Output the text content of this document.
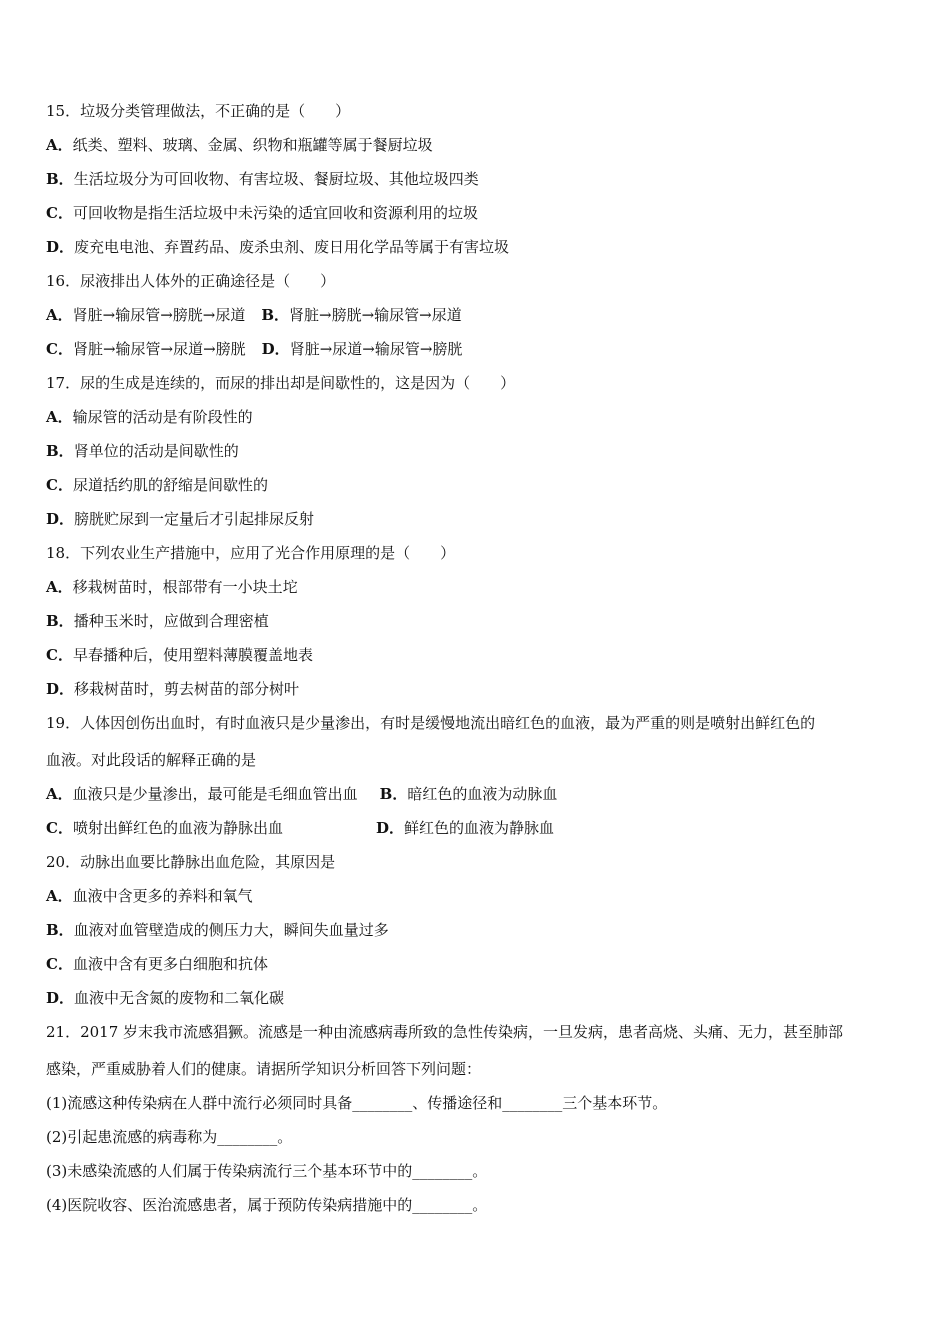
15．垃圾分类管理做法，不正确的是（　　）
A．纸类、塑料、玻璃、金属、织物和瓶罐等属于餐厨垃圾
B．生活垃圾分为可回收物、有害垃圾、餐厨垃圾、其他垃圾四类
C．可回收物是指生活垃圾中未污染的适宜回收和资源利用的垃圾
D．废充电电池、弃置药品、废杀虫剂、废日用化学品等属于有害垃圾
16．尿液排出人体外的正确途径是（　　）
A．肾脏→输尿管→膀胱→尿道 B．肾脏→膀胱→输尿管→尿道
C．肾脏→输尿管→尿道→膀胱 D．肾脏→尿道→输尿管→膀胱
17．尿的生成是连续的，而尿的排出却是间歇性的，这是因为（　　）
A．输尿管的活动是有阶段性的
B．肾单位的活动是间歇性的
C．尿道括约肌的舒缩是间歇性的
D．膀胱贮尿到一定量后才引起排尿反射
18．下列农业生产措施中，应用了光合作用原理的是（　　）
A．移栽树苗时，根部带有一小块土坨
B．播种玉米时，应做到合理密植
C．早春播种后，使用塑料薄膜覆盖地表
D．移栽树苗时，剪去树苗的部分树叶
19．人体因创伤出血时，有时血液只是少量渗出，有时是缓慢地流出暗红色的血液，最为严重的则是喷射出鲜红色的
血液。对此段话的解释正确的是
A．血液只是少量渗出，最可能是毛细血管出血 B．暗红色的血液为动脉血
C．喷射出鲜红色的血液为静脉出血	D．鲜红色的血液为静脉血
20．动脉出血要比静脉出血危险，其原因是
A．血液中含更多的养料和氧气
B．血液对血管壁造成的侧压力大，瞬间失血量过多
C．血液中含有更多白细胞和抗体
D．血液中无含氮的废物和二氧化碳
21．2017 岁末我市流感猖獗。流感是一种由流感病毒所致的急性传染病，一旦发病，患者高烧、头痛、无力，甚至肺部
感染，严重威胁着人们的健康。请据所学知识分析回答下列问题：
(1)流感这种传染病在人群中流行必须同时具备________、传播途径和________三个基本环节。
(2)引起患流感的病毒称为________。
(3)未感染流感的人们属于传染病流行三个基本环节中的________。
(4)医院收容、医治流感患者，属于预防传染病措施中的________。
